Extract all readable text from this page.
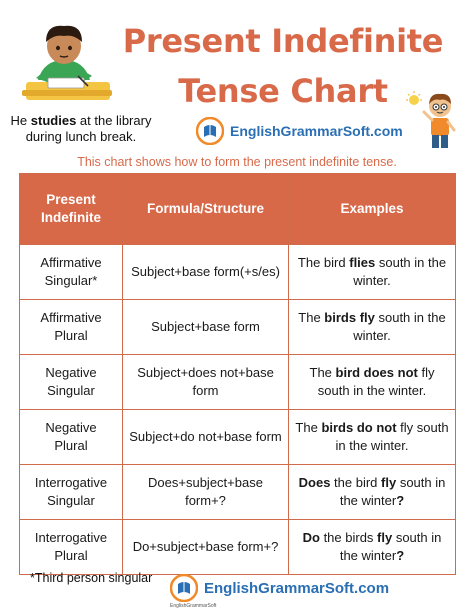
Present Indefinite
Tense Chart
He studies at the library during lunch break.	EnglishGrammarSoft.com
This chart shows how to form the present indefinite tense.
Present Indefinite	Formula/Structure	Examples

Affirmative
Singular*	Subject+base form(+s/es)	The bird flies south in the winter.

Affirmative
Plural	Subject+base form	The birds fly south in the winter.

Negative
Singular	Subject+does not+base form	The bird does not fly south in the winter.

Negative
Plural	Subject+do not+base form	The birds do not fly south in the winter.

Interrogative
Singular	Does+subject+base form+?	Does the bird fly south in the winter?

Interrogative
Plural	Do+subject+base form+?	Do the birds fly south in the winter?
*Third person singular
EnglishGrammarSoft
EnglishGrammarSoft.com
